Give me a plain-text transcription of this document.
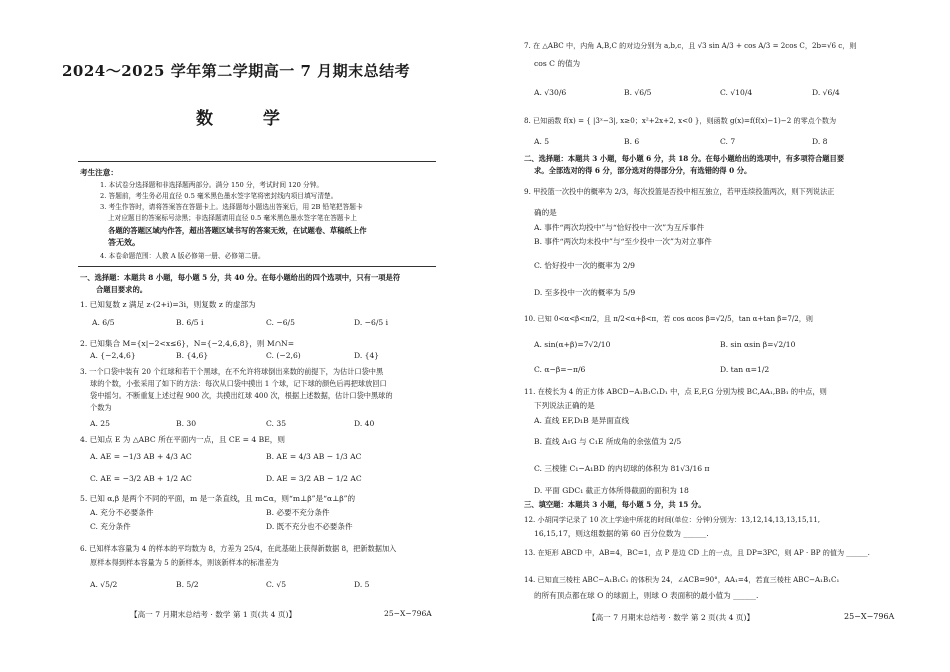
2024～2025 学年第二学期高一 7 月期末总结考
数 学
考生注意：
1. 本试卷分选择题和非选择题两部分。满分 150 分，考试时间 120 分钟。
2. 答题前，考生务必用直径 0.5 毫米黑色墨水签字笔将密封线内项目填写清楚。
3. 考生作答时，请将答案答在答题卡上。选择题每小题选出答案后，用 2B 铅笔把答题卡
上对应题目的答案标号涂黑；非选择题请用直径 0.5 毫米黑色墨水签字笔在答题卡上
各题的答题区域内作答，超出答题区域书写的答案无效，在试题卷、草稿纸上作
答无效。
4. 本卷命题范围：人教 A 版必修第一册、必修第二册。
一、选择题：本题共 8 小题，每小题 5 分，共 40 分。在每小题给出的四个选项中，只有一项是符
合题目要求的。
1. 已知复数 z 满足 z·(2+i)=3i，则复数 z 的虚部为
A. 6/5	B. 6/5 i	C. −6/5	D. −6/5 i
2. 已知集合 M={x|−2<x≤6}，N={−2,4,6,8}，则 M∩N=
A. {−2,4,6}	B. {4,6}	C. (−2,6)	D. {4}
3. 一个口袋中装有 20 个红球和若干个黑球，在不允许将球倒出来数的前提下，为估计口袋中黑
球的个数，小张采用了如下的方法：每次从口袋中摸出 1 个球，记下球的颜色后再把球放回口
袋中摇匀。不断重复上述过程 900 次，共摸出红球 400 次，根据上述数据，估计口袋中黑球的
个数为
A. 25	B. 30	C. 35	D. 40
4. 已知点 E 为 △ABC 所在平面内一点，且 CE = 4 BE，则
A. AE = −1/3 AB + 4/3 AC	B. AE = 4/3 AB − 1/3 AC
C. AE = −3/2 AB + 1/2 AC	D. AE = 3/2 AB − 1/2 AC
5. 已知 α,β 是两个不同的平面，m 是一条直线，且 m⊂α，则“m⊥β”是“α⊥β”的
A. 充分不必要条件	B. 必要不充分条件
C. 充分条件	D. 既不充分也不必要条件
6. 已知样本容量为 4 的样本的平均数为 8，方差为 25/4，在此基础上获得新数据 8，把新数据加入
原样本得到样本容量为 5 的新样本，则该新样本的标准差为
A. √5/2	B. 5/2	C. √5	D. 5
【高一 7 月期末总结考 · 数学 第 1 页(共 4 页)】	25−X−796A
7. 在 △ABC 中，内角 A,B,C 的对边分别为 a,b,c，且 √3 sin A/3 + cos A/3 = 2cos C，2b=√6 c，则
cos C 的值为
A. √30/6	B. √6/5	C. √10/4	D. √6/4
8. 已知函数 f(x) = { |3ˣ−3|, x≥0；x²+2x+2, x<0 }，则函数 g(x)=f(f(x)−1)−2 的零点个数为
A. 5	B. 6	C. 7	D. 8
二、选择题：本题共 3 小题，每小题 6 分，共 18 分。在每小题给出的选项中，有多项符合题目要
求。全部选对的得 6 分，部分选对的得部分分，有选错的得 0 分。
9. 甲投篮一次投中的概率为 2/3，每次投篮是否投中相互独立，若甲连续投篮两次，则下列说法正
确的是
A. 事件“两次均投中”与“恰好投中一次”为互斥事件
B. 事件“两次均未投中”与“至少投中一次”为对立事件
C. 恰好投中一次的概率为 2/9
D. 至多投中一次的概率为 5/9
10. 已知 0<α<β<π/2，且 π/2<α+β<π，若 cos αcos β=√2/5，tan α+tan β=7/2，则
A. sin(α+β)=7√2/10	B. sin αsin β=√2/10
C. α−β=−π/6	D. tan α=1/2
11. 在棱长为 4 的正方体 ABCD−A₁B₁C₁D₁ 中，点 E,F,G 分别为棱 BC,AA₁,BB₁ 的中点，则
下列说法正确的是
A. 直线 EF,D₁B 是异面直线
B. 直线 A₁G 与 C₁E 所成角的余弦值为 2/5
C. 三棱锥 C₁−A₁BD 的内切球的体积为 81√3/16 π
D. 平面 GDC₁ 截正方体所得截面的面积为 18
三、填空题：本题共 3 小题，每小题 5 分，共 15 分。
12. 小胡同学记录了 10 次上学途中所花的时间(单位：分钟)分别为：13,12,14,13,13,15,11,
16,15,17，则这组数据的第 60 百分位数为 ______.
13. 在矩形 ABCD 中，AB=4，BC=1，点 P 是边 CD 上的一点，且 DP=3PC，则 AP · BP 的值为 ______.
14. 已知直三棱柱 ABC−A₁B₁C₁ 的体积为 24，∠ACB=90°，AA₁=4，若直三棱柱 ABC−A₁B₁C₁
的所有顶点都在球 O 的球面上，则球 O 表面积的最小值为 ______.
【高一 7 月期末总结考 · 数学 第 2 页(共 4 页)】	25−X−796A
